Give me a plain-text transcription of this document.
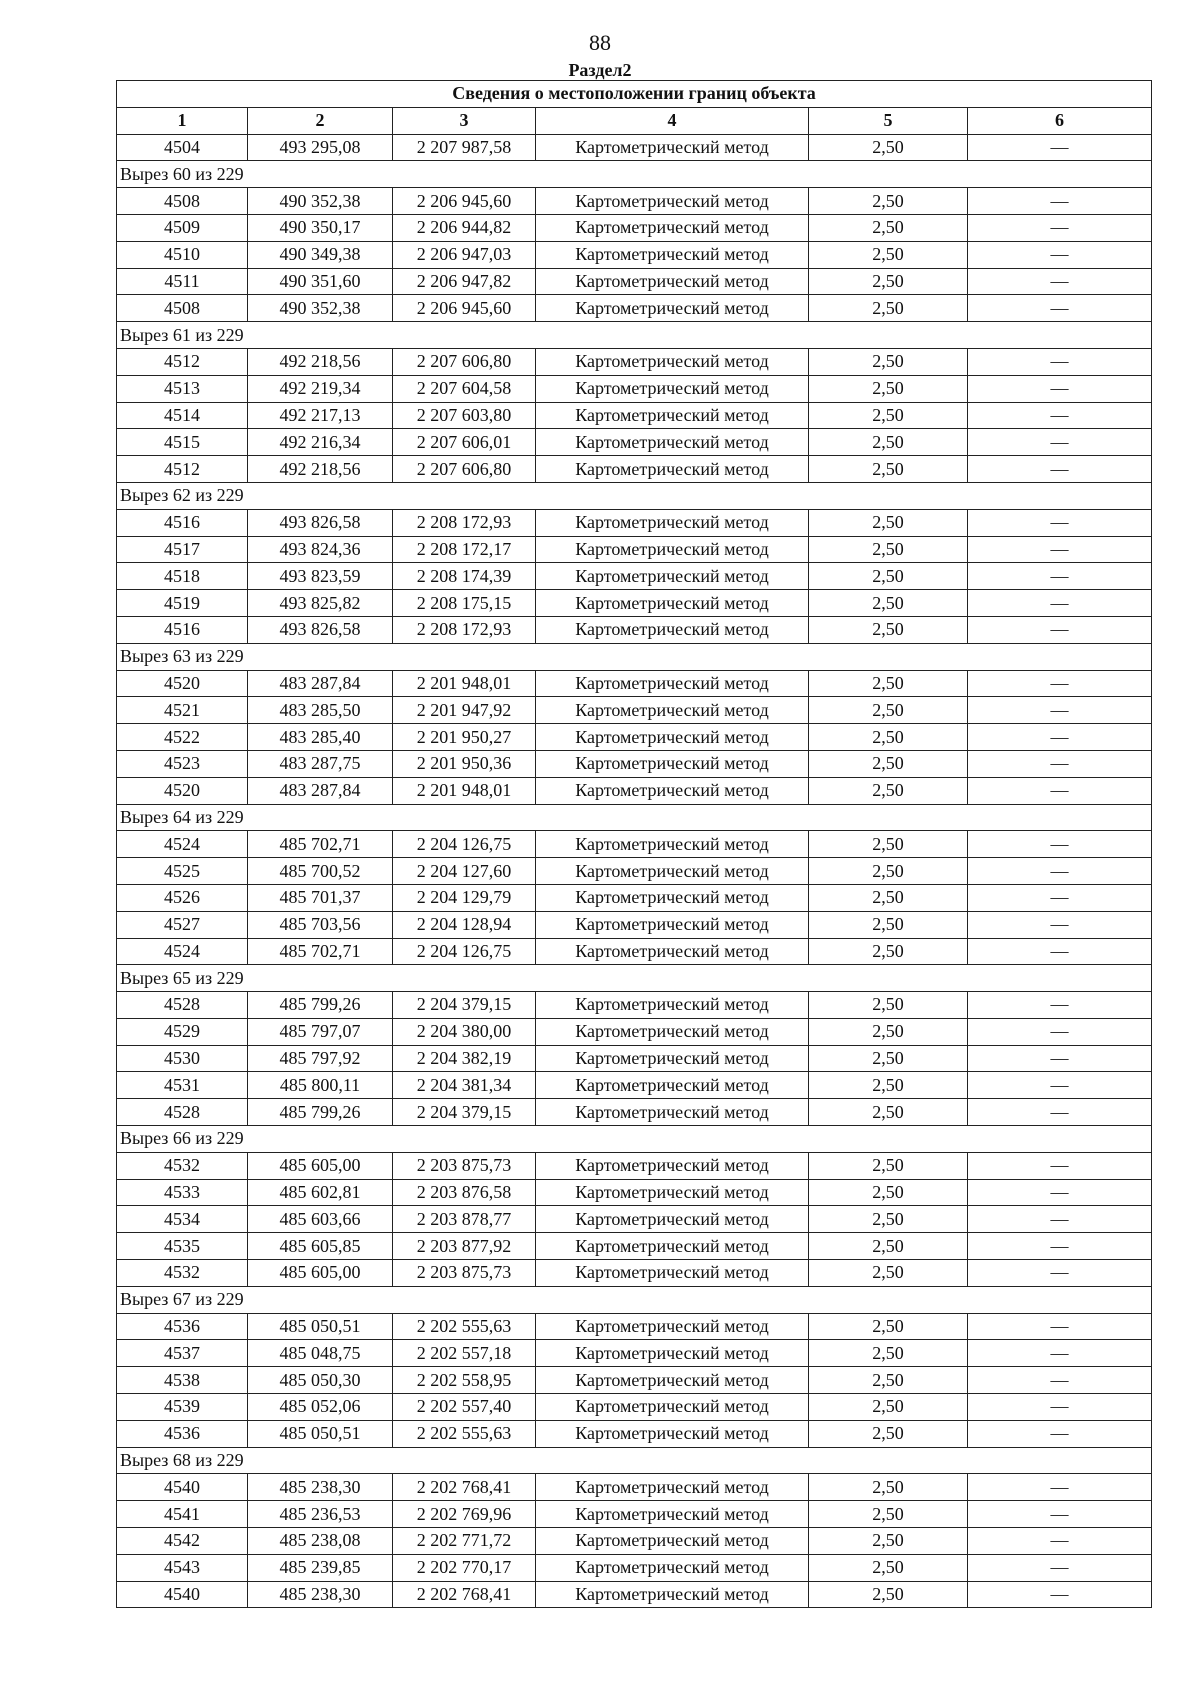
88
Раздел2
Сведения о местоположении границ объекта					
1	2	3	4	5	6
4504	493 295,08	2 207 987,58	Картометрический метод	2,50	—
Вырез 60 из 229					
4508	490 352,38	2 206 945,60	Картометрический метод	2,50	—
4509	490 350,17	2 206 944,82	Картометрический метод	2,50	—
4510	490 349,38	2 206 947,03	Картометрический метод	2,50	—
4511	490 351,60	2 206 947,82	Картометрический метод	2,50	—
4508	490 352,38	2 206 945,60	Картометрический метод	2,50	—
Вырез 61 из 229					
4512	492 218,56	2 207 606,80	Картометрический метод	2,50	—
4513	492 219,34	2 207 604,58	Картометрический метод	2,50	—
4514	492 217,13	2 207 603,80	Картометрический метод	2,50	—
4515	492 216,34	2 207 606,01	Картометрический метод	2,50	—
4512	492 218,56	2 207 606,80	Картометрический метод	2,50	—
Вырез 62 из 229					
4516	493 826,58	2 208 172,93	Картометрический метод	2,50	—
4517	493 824,36	2 208 172,17	Картометрический метод	2,50	—
4518	493 823,59	2 208 174,39	Картометрический метод	2,50	—
4519	493 825,82	2 208 175,15	Картометрический метод	2,50	—
4516	493 826,58	2 208 172,93	Картометрический метод	2,50	—
Вырез 63 из 229					
4520	483 287,84	2 201 948,01	Картометрический метод	2,50	—
4521	483 285,50	2 201 947,92	Картометрический метод	2,50	—
4522	483 285,40	2 201 950,27	Картометрический метод	2,50	—
4523	483 287,75	2 201 950,36	Картометрический метод	2,50	—
4520	483 287,84	2 201 948,01	Картометрический метод	2,50	—
Вырез 64 из 229					
4524	485 702,71	2 204 126,75	Картометрический метод	2,50	—
4525	485 700,52	2 204 127,60	Картометрический метод	2,50	—
4526	485 701,37	2 204 129,79	Картометрический метод	2,50	—
4527	485 703,56	2 204 128,94	Картометрический метод	2,50	—
4524	485 702,71	2 204 126,75	Картометрический метод	2,50	—
Вырез 65 из 229					
4528	485 799,26	2 204 379,15	Картометрический метод	2,50	—
4529	485 797,07	2 204 380,00	Картометрический метод	2,50	—
4530	485 797,92	2 204 382,19	Картометрический метод	2,50	—
4531	485 800,11	2 204 381,34	Картометрический метод	2,50	—
4528	485 799,26	2 204 379,15	Картометрический метод	2,50	—
Вырез 66 из 229					
4532	485 605,00	2 203 875,73	Картометрический метод	2,50	—
4533	485 602,81	2 203 876,58	Картометрический метод	2,50	—
4534	485 603,66	2 203 878,77	Картометрический метод	2,50	—
4535	485 605,85	2 203 877,92	Картометрический метод	2,50	—
4532	485 605,00	2 203 875,73	Картометрический метод	2,50	—
Вырез 67 из 229					
4536	485 050,51	2 202 555,63	Картометрический метод	2,50	—
4537	485 048,75	2 202 557,18	Картометрический метод	2,50	—
4538	485 050,30	2 202 558,95	Картометрический метод	2,50	—
4539	485 052,06	2 202 557,40	Картометрический метод	2,50	—
4536	485 050,51	2 202 555,63	Картометрический метод	2,50	—
Вырез 68 из 229					
4540	485 238,30	2 202 768,41	Картометрический метод	2,50	—
4541	485 236,53	2 202 769,96	Картометрический метод	2,50	—
4542	485 238,08	2 202 771,72	Картометрический метод	2,50	—
4543	485 239,85	2 202 770,17	Картометрический метод	2,50	—
4540	485 238,30	2 202 768,41	Картометрический метод	2,50	—
